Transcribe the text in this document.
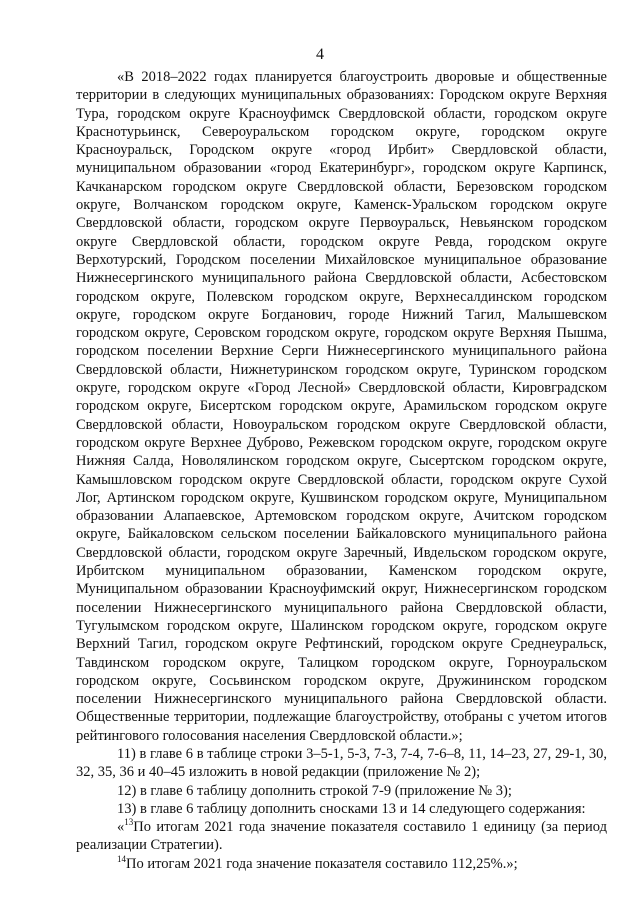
4

«В 2018–2022 годах планируется благоустроить дворовые и общественные территории в следующих муниципальных образованиях: Городском округе Верхняя Тура, городском округе Красноуфимск Свердловской области, городском округе Краснотурьинск, Североуральском городском округе, городском округе Красноуральск, Городском округе «город Ирбит» Свердловской области, муниципальном образовании «город Екатеринбург», городском округе Карпинск, Качканарском городском округе Свердловской области, Березовском городском округе, Волчанском городском округе, Каменск-Уральском городском округе Свердловской области, городском округе Первоуральск, Невьянском городском округе Свердловской области, городском округе Ревда, городском округе Верхотурский, Городском поселении Михайловское муниципальное образование Нижнесергинского муниципального района Свердловской области, Асбестовском городском округе, Полевском городском округе, Верхнесалдинском городском округе, городском округе Богданович, городе Нижний Тагил, Малышевском городском округе, Серовском городском округе, городском округе Верхняя Пышма, городском поселении Верхние Серги Нижнесергинского муниципального района Свердловской области, Нижнетуринском городском округе, Туринском городском округе, городском округе «Город Лесной» Свердловской области, Кировградском городском округе, Бисертском городском округе, Арамильском городском округе Свердловской области, Новоуральском городском округе Свердловской области, городском округе Верхнее Дуброво, Режевском городском округе, городском округе Нижняя Салда, Новолялинском городском округе, Сысертском городском округе, Камышловском городском округе Свердловской области, городском округе Сухой Лог, Артинском городском округе, Кушвинском городском округе, Муниципальном образовании Алапаевское, Артемовском городском округе, Ачитском городском округе, Байкаловском сельском поселении Байкаловского муниципального района Свердловской области, городском округе Заречный, Ивдельском городском округе, Ирбитском муниципальном образовании, Каменском городском округе, Муниципальном образовании Красноуфимский округ, Нижнесергинском городском поселении Нижнесергинского муниципального района Свердловской области, Тугулымском городском округе, Шалинском городском округе, городском округе Верхний Тагил, городском округе Рефтинский, городском округе Среднеуральск, Тавдинском городском округе, Талицком городском округе, Горноуральском городском округе, Сосьвинском городском округе, Дружининском городском поселении Нижнесергинского муниципального района Свердловской области. Общественные территории, подлежащие благоустройству, отобраны с учетом итогов рейтингового голосования населения Свердловской области.»;

11) в главе 6 в таблице строки 3–5-1, 5-3, 7-3, 7-4, 7-6–8, 11, 14–23, 27, 29-1, 30, 32, 35, 36 и 40–45 изложить в новой редакции (приложение № 2);

12) в главе 6 таблицу дополнить строкой 7-9 (приложение № 3);

13) в главе 6 таблицу дополнить сносками 13 и 14 следующего содержания:

«$^{13}$По итогам 2021 года значение показателя составило 1 единицу (за период реализации Стратегии).

$^{14}$По итогам 2021 года значение показателя составило 112,25%.»;
